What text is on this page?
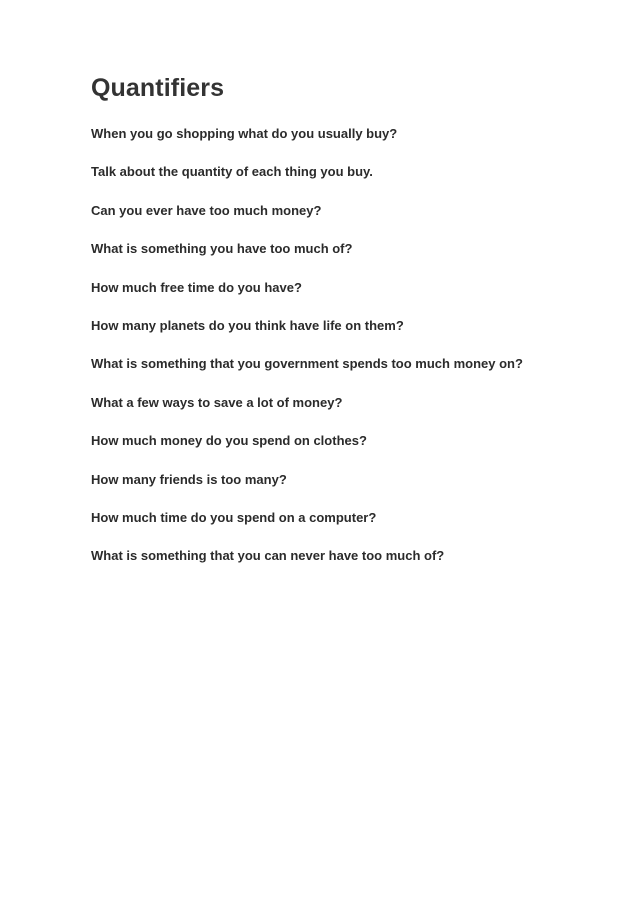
Quantifiers
When you go shopping what do you usually buy?
Talk about the quantity of each thing you buy.
Can you ever have too much money?
What is something you have too much of?
How much free time do you have?
How many planets do you think have life on them?
What is something that you government spends too much money on?
What a few ways to save a lot of money?
How much money do you spend on clothes?
How many friends is too many?
How much time do you spend on a computer?
What is something that you can never have too much of?
